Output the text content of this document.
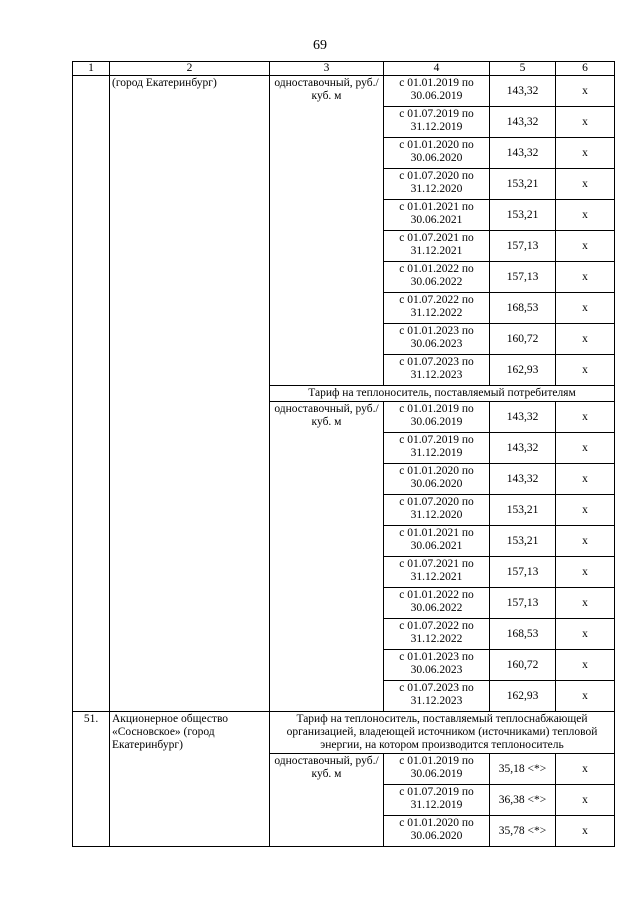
69
1	2	3	4	5	6
	(город Екатеринбург)	одноставочный, руб./куб. м	с 01.01.2019 по 30.06.2019	143,32	x
			с 01.07.2019 по 31.12.2019	143,32	x
			с 01.01.2020 по 30.06.2020	143,32	x
			с 01.07.2020 по 31.12.2020	153,21	x
			с 01.01.2021 по 30.06.2021	153,21	x
			с 01.07.2021 по 31.12.2021	157,13	x
			с 01.01.2022 по 30.06.2022	157,13	x
			с 01.07.2022 по 31.12.2022	168,53	x
			с 01.01.2023 по 30.06.2023	160,72	x
			с 01.07.2023 по 31.12.2023	162,93	x
		Тариф на теплоноситель, поставляемый потребителям			
		одноставочный, руб./куб. м	с 01.01.2019 по 30.06.2019	143,32	x
			с 01.07.2019 по 31.12.2019	143,32	x
			с 01.01.2020 по 30.06.2020	143,32	x
			с 01.07.2020 по 31.12.2020	153,21	x
			с 01.01.2021 по 30.06.2021	153,21	x
			с 01.07.2021 по 31.12.2021	157,13	x
			с 01.01.2022 по 30.06.2022	157,13	x
			с 01.07.2022 по 31.12.2022	168,53	x
			с 01.01.2023 по 30.06.2023	160,72	x
			с 01.07.2023 по 31.12.2023	162,93	x
51.	Акционерное общество «Сосновское» (город Екатеринбург)	Тариф на теплоноситель, поставляемый теплоснабжающей организацией, владеющей источником (источниками) тепловой энергии, на котором производится теплоноситель			
		одноставочный, руб./куб. м	с 01.01.2019 по 30.06.2019	35,18 <*>	x
			с 01.07.2019 по 31.12.2019	36,38 <*>	x
			с 01.01.2020 по 30.06.2020	35,78 <*>	x
